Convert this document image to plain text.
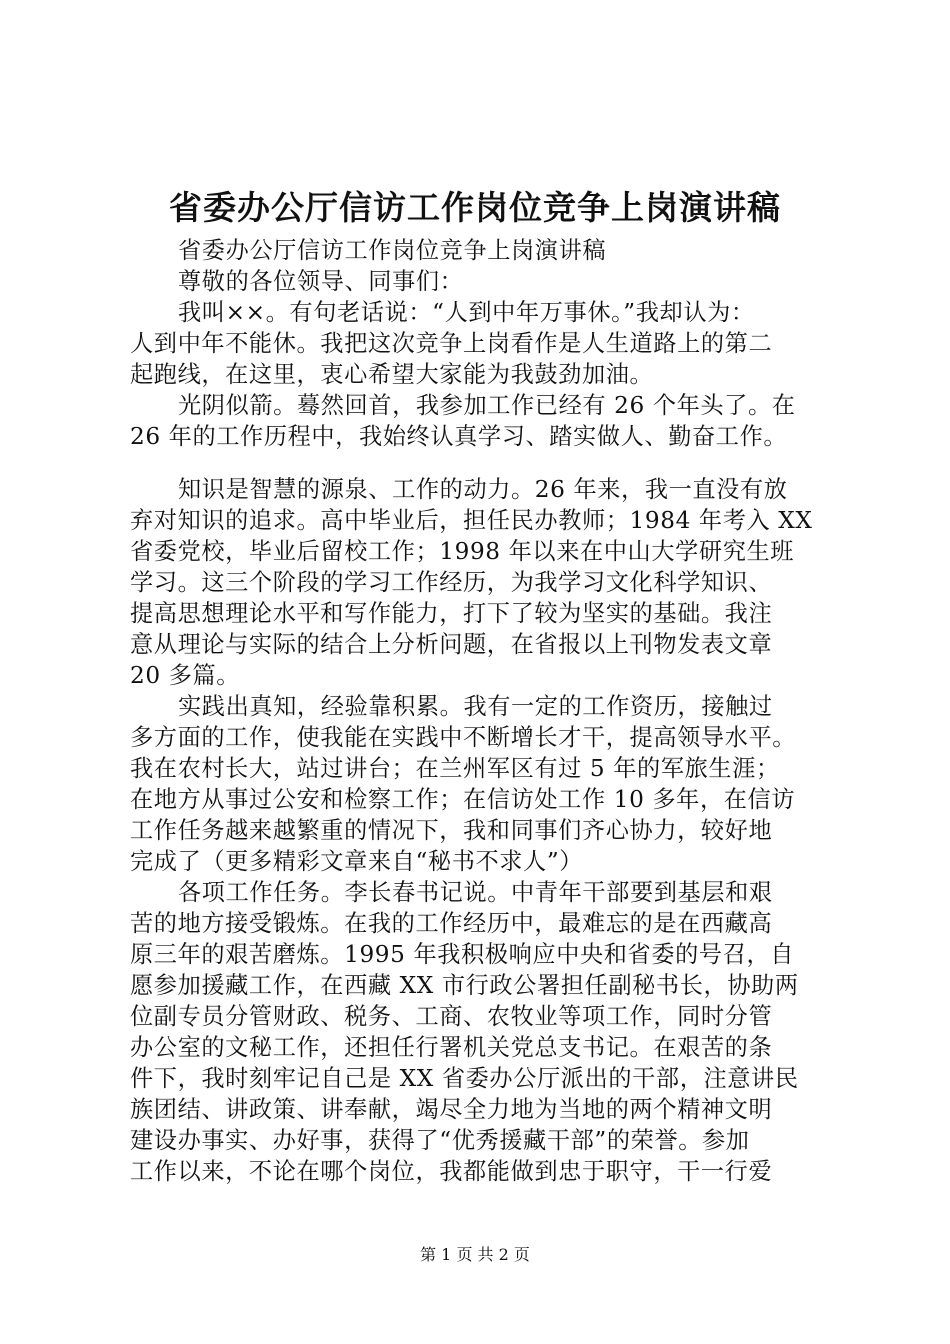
省委办公厅信访工作岗位竞争上岗演讲稿
省委办公厅信访工作岗位竞争上岗演讲稿
尊敬的各位领导、同事们：
我叫××。有句老话说：“人到中年万事休。”我却认为：
人到中年不能休。我把这次竞争上岗看作是人生道路上的第二
起跑线，在这里，衷心希望大家能为我鼓劲加油。
光阴似箭。蓦然回首，我参加工作已经有 26 个年头了。在
26 年的工作历程中，我始终认真学习、踏实做人、勤奋工作。
知识是智慧的源泉、工作的动力。26 年来，我一直没有放
弃对知识的追求。高中毕业后，担任民办教师；1984 年考入 XX
省委党校，毕业后留校工作；1998 年以来在中山大学研究生班
学习。这三个阶段的学习工作经历，为我学习文化科学知识、
提高思想理论水平和写作能力，打下了较为坚实的基础。我注
意从理论与实际的结合上分析问题，在省报以上刊物发表文章
20 多篇。
实践出真知，经验靠积累。我有一定的工作资历，接触过
多方面的工作，使我能在实践中不断增长才干，提高领导水平。
我在农村长大，站过讲台；在兰州军区有过 5 年的军旅生涯；
在地方从事过公安和检察工作；在信访处工作 10 多年，在信访
工作任务越来越繁重的情况下，我和同事们齐心协力，较好地
完成了（更多精彩文章来自“秘书不求人”）
各项工作任务。李长春书记说。中青年干部要到基层和艰
苦的地方接受锻炼。在我的工作经历中，最难忘的是在西藏高
原三年的艰苦磨炼。1995 年我积极响应中央和省委的号召，自
愿参加援藏工作，在西藏 XX 市行政公署担任副秘书长，协助两
位副专员分管财政、税务、工商、农牧业等项工作，同时分管
办公室的文秘工作，还担任行署机关党总支书记。在艰苦的条
件下，我时刻牢记自己是 XX 省委办公厅派出的干部，注意讲民
族团结、讲政策、讲奉献，竭尽全力地为当地的两个精神文明
建设办事实、办好事，获得了“优秀援藏干部”的荣誉。参加
工作以来，不论在哪个岗位，我都能做到忠于职守，干一行爱
第 1 页 共 2 页
